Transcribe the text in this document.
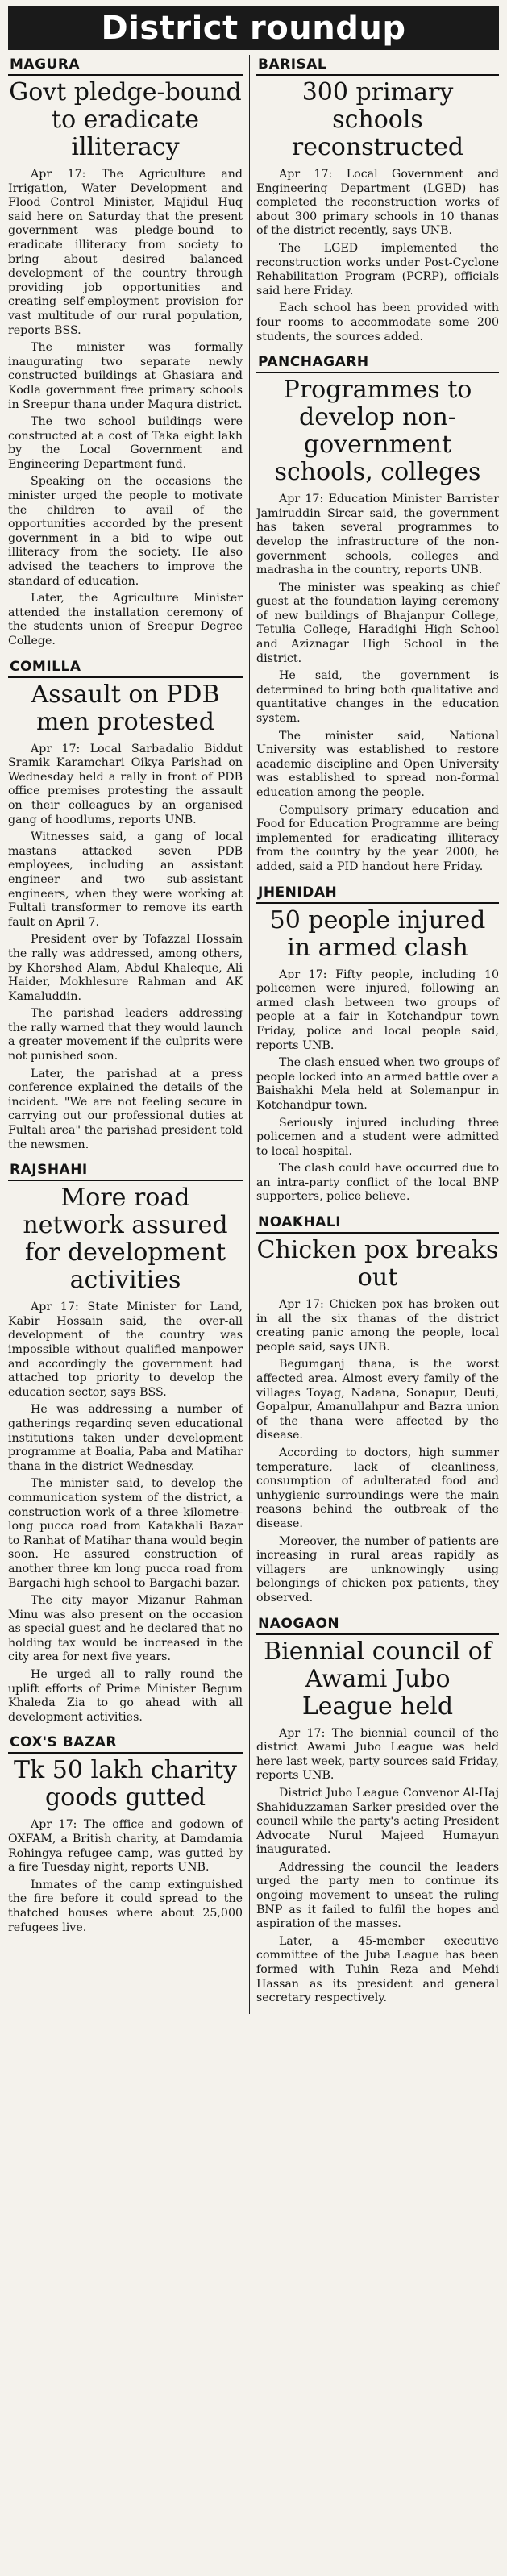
District roundup
MAGURA
Govt pledge-bound to eradicate illiteracy

Apr 17: The Agriculture and Irrigation, Water Development and Flood Control Minister, Majidul Huq said here on Saturday that the present government was pledge-bound to eradicate illiteracy from society to bring about desired balanced development of the country through providing job opportunities and creating self-employment provision for vast multitude of our rural population, reports BSS.

The minister was formally inaugurating two separate newly constructed buildings at Ghasiara and Kodla government free primary schools in Sreepur thana under Magura district.

The two school buildings were constructed at a cost of Taka eight lakh by the Local Government and Engineering Department fund.

Speaking on the occasions the minister urged the people to motivate the children to avail of the opportunities accorded by the present government in a bid to wipe out illiteracy from the society. He also advised the teachers to improve the standard of education.

Later, the Agriculture Minister attended the installation ceremony of the students union of Sreepur Degree College.

COMILLA
Assault on PDB men protested

Apr 17: Local Sarbadalio Biddut Sramik Karamchari Oikya Parishad on Wednesday held a rally in front of PDB office premises protesting the assault on their colleagues by an organised gang of hoodlums, reports UNB.

Witnesses said, a gang of local mastans attacked seven PDB employees, including an assistant engineer and two sub-assistant engineers, when they were working at Fultali transformer to remove its earth fault on April 7.

President over by Tofazzal Hossain the rally was addressed, among others, by Khorshed Alam, Abdul Khaleque, Ali Haider, Mokhlesure Rahman and AK Kamaluddin.

The parishad leaders addressing the rally warned that they would launch a greater movement if the culprits were not punished soon.

Later, the parishad at a press conference explained the details of the incident. "We are not feeling secure in carrying out our professional duties at Fultali area" the parishad president told the newsmen.

RAJSHAHI
More road network assured for development activities

Apr 17: State Minister for Land, Kabir Hossain said, the over-all development of the country was impossible without qualified manpower and accordingly the government had attached top priority to develop the education sector, says BSS.

He was addressing a number of gatherings regarding seven educational institutions taken under development programme at Boalia, Paba and Matihar thana in the district Wednesday.

The minister said, to develop the communication system of the district, a construction work of a three kilometre-long pucca road from Katakhali Bazar to Ranhat of Matihar thana would begin soon. He assured construction of another three km long pucca road from Bargachi high school to Bargachi bazar.

The city mayor Mizanur Rahman Minu was also present on the occasion as special guest and he declared that no holding tax would be increased in the city area for next five years.

He urged all to rally round the uplift efforts of Prime Minister Begum Khaleda Zia to go ahead with all development activities.

COX'S BAZAR
Tk 50 lakh charity goods gutted

Apr 17: The office and godown of OXFAM, a British charity, at Damdamia Rohingya refugee camp, was gutted by a fire Tuesday night, reports UNB.

Inmates of the camp extinguished the fire before it could spread to the thatched houses where about 25,000 refugees live.

BARISAL
300 primary schools reconstructed

Apr 17: Local Government and Engineering Department (LGED) has completed the reconstruction works of about 300 primary schools in 10 thanas of the district recently, says UNB.

The LGED implemented the reconstruction works under Post-Cyclone Rehabilitation Program (PCRP), officials said here Friday.

Each school has been provided with four rooms to accommodate some 200 students, the sources added.

PANCHAGARH
Programmes to develop non-government schools, colleges

Apr 17: Education Minister Barrister Jamiruddin Sircar said, the government has taken several programmes to develop the infrastructure of the non-government schools, colleges and madrasha in the country, reports UNB.

The minister was speaking as chief guest at the foundation laying ceremony of new buildings of Bhajanpur College, Tetulia College, Haradighi High School and Aziznagar High School in the district.

He said, the government is determined to bring both qualitative and quantitative changes in the education system.

The minister said, National University was established to restore academic discipline and Open University was established to spread non-formal education among the people.

Compulsory primary education and Food for Education Programme are being implemented for eradicating illiteracy from the country by the year 2000, he added, said a PID handout here Friday.

JHENIDAH
50 people injured in armed clash

Apr 17: Fifty people, including 10 policemen were injured, following an armed clash between two groups of people at a fair in Kotchandpur town Friday, police and local people said, reports UNB.

The clash ensued when two groups of people locked into an armed battle over a Baishakhi Mela held at Solemanpur in Kotchandpur town.

Seriously injured including three policemen and a student were admitted to local hospital.

The clash could have occurred due to an intra-party conflict of the local BNP supporters, police believe.

NOAKHALI
Chicken pox breaks out

Apr 17: Chicken pox has broken out in all the six thanas of the district creating panic among the people, local people said, says UNB.

Begumganj thana, is the worst affected area. Almost every family of the villages Toyag, Nadana, Sonapur, Deuti, Gopalpur, Amanullahpur and Bazra union of the thana were affected by the disease.

According to doctors, high summer temperature, lack of cleanliness, consumption of adulterated food and unhygienic surroundings were the main reasons behind the outbreak of the disease.

Moreover, the number of patients are increasing in rural areas rapidly as villagers are unknowingly using belongings of chicken pox patients, they observed.

NAOGAON
Biennial council of Awami Jubo League held

Apr 17: The biennial council of the district Awami Jubo League was held here last week, party sources said Friday, reports UNB.

District Jubo League Convenor Al-Haj Shahiduzzaman Sarker presided over the council while the party's acting President Advocate Nurul Majeed Humayun inaugurated.

Addressing the council the leaders urged the party men to continue its ongoing movement to unseat the ruling BNP as it failed to fulfil the hopes and aspiration of the masses.

Later, a 45-member executive committee of the Juba League has been formed with Tuhin Reza and Mehdi Hassan as its president and general secretary respectively.
